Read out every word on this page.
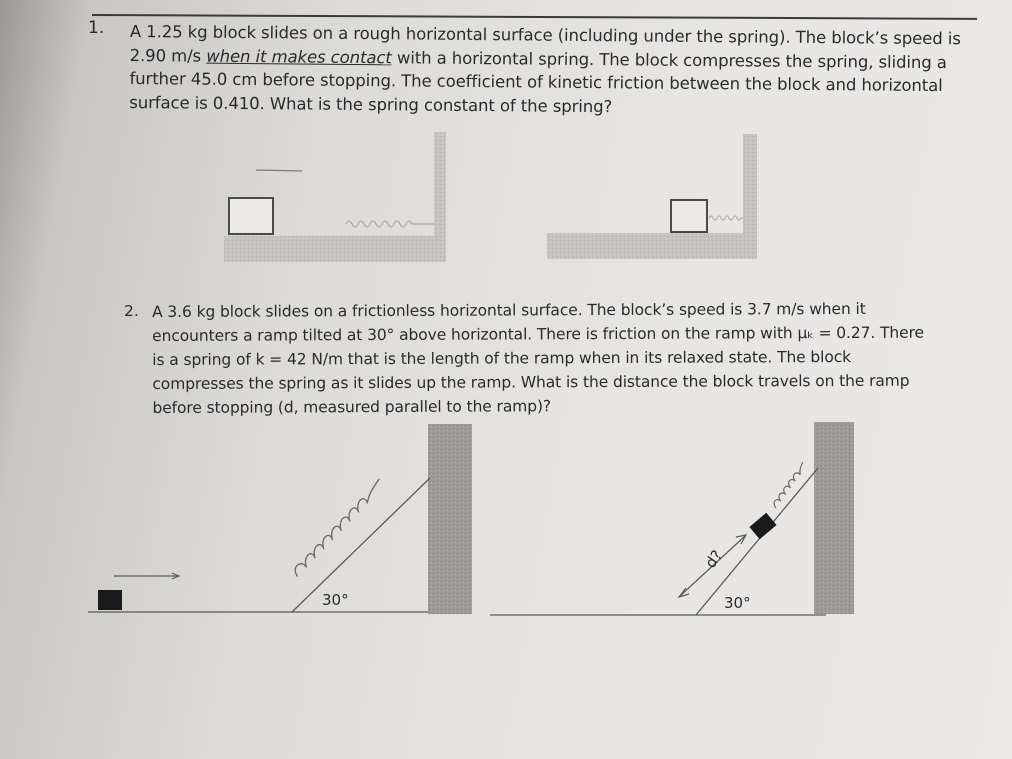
1. A 1.25 kg block slides on a rough horizontal surface (including under the spring). The block’s speed is
2.90 m/s when it makes contact with a horizontal spring. The block compresses the spring, sliding a
further 45.0 cm before stopping. The coefficient of kinetic friction between the block and horizontal
surface is 0.410. What is the spring constant of the spring?
2. A 3.6 kg block slides on a frictionless horizontal surface. The block’s speed is 3.7 m/s when it
encounters a ramp tilted at 30° above horizontal. There is friction on the ramp with μₖ = 0.27. There
is a spring of k = 42 N/m that is the length of the ramp when in its relaxed state. The block
compresses the spring as it slides up the ramp. What is the distance the block travels on the ramp
before stopping (d, measured parallel to the ramp)?
30°
d?
30°
